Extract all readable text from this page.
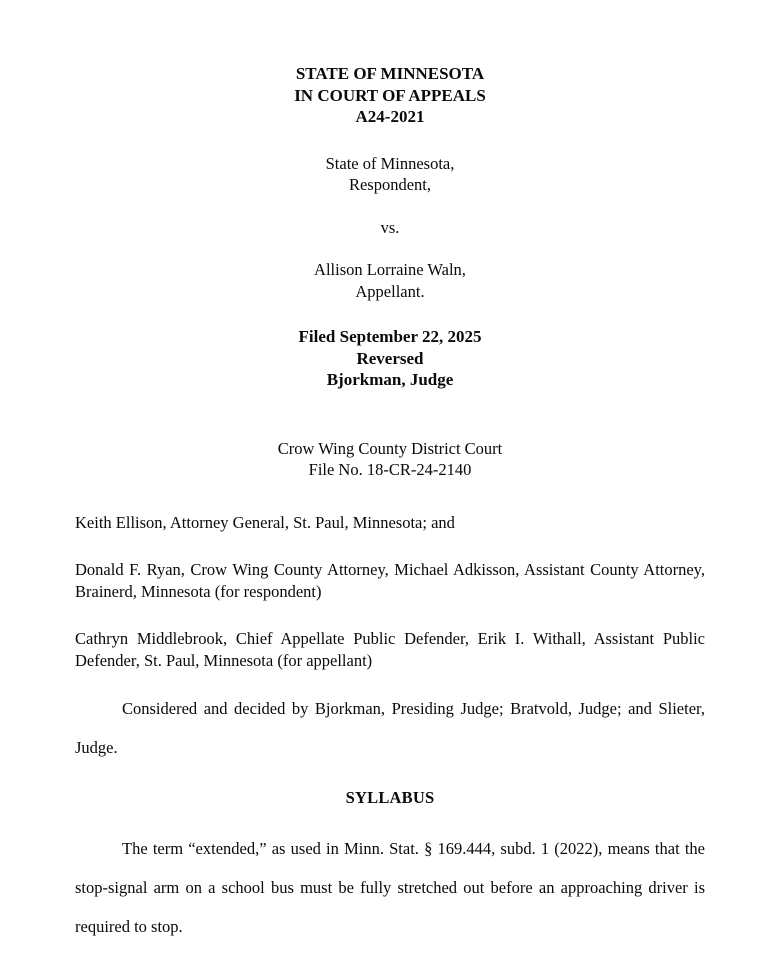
STATE OF MINNESOTA
IN COURT OF APPEALS
A24-2021
State of Minnesota,
Respondent,
vs.
Allison Lorraine Waln,
Appellant.
Filed September 22, 2025
Reversed
Bjorkman, Judge
Crow Wing County District Court
File No. 18-CR-24-2140
Keith Ellison, Attorney General, St. Paul, Minnesota; and
Donald F. Ryan, Crow Wing County Attorney, Michael Adkisson, Assistant County Attorney, Brainerd, Minnesota (for respondent)
Cathryn Middlebrook, Chief Appellate Public Defender, Erik I. Withall, Assistant Public Defender, St. Paul, Minnesota (for appellant)
Considered and decided by Bjorkman, Presiding Judge; Bratvold, Judge; and Slieter, Judge.
SYLLABUS
The term “extended,” as used in Minn. Stat. § 169.444, subd. 1 (2022), means that the stop-signal arm on a school bus must be fully stretched out before an approaching driver is required to stop.
